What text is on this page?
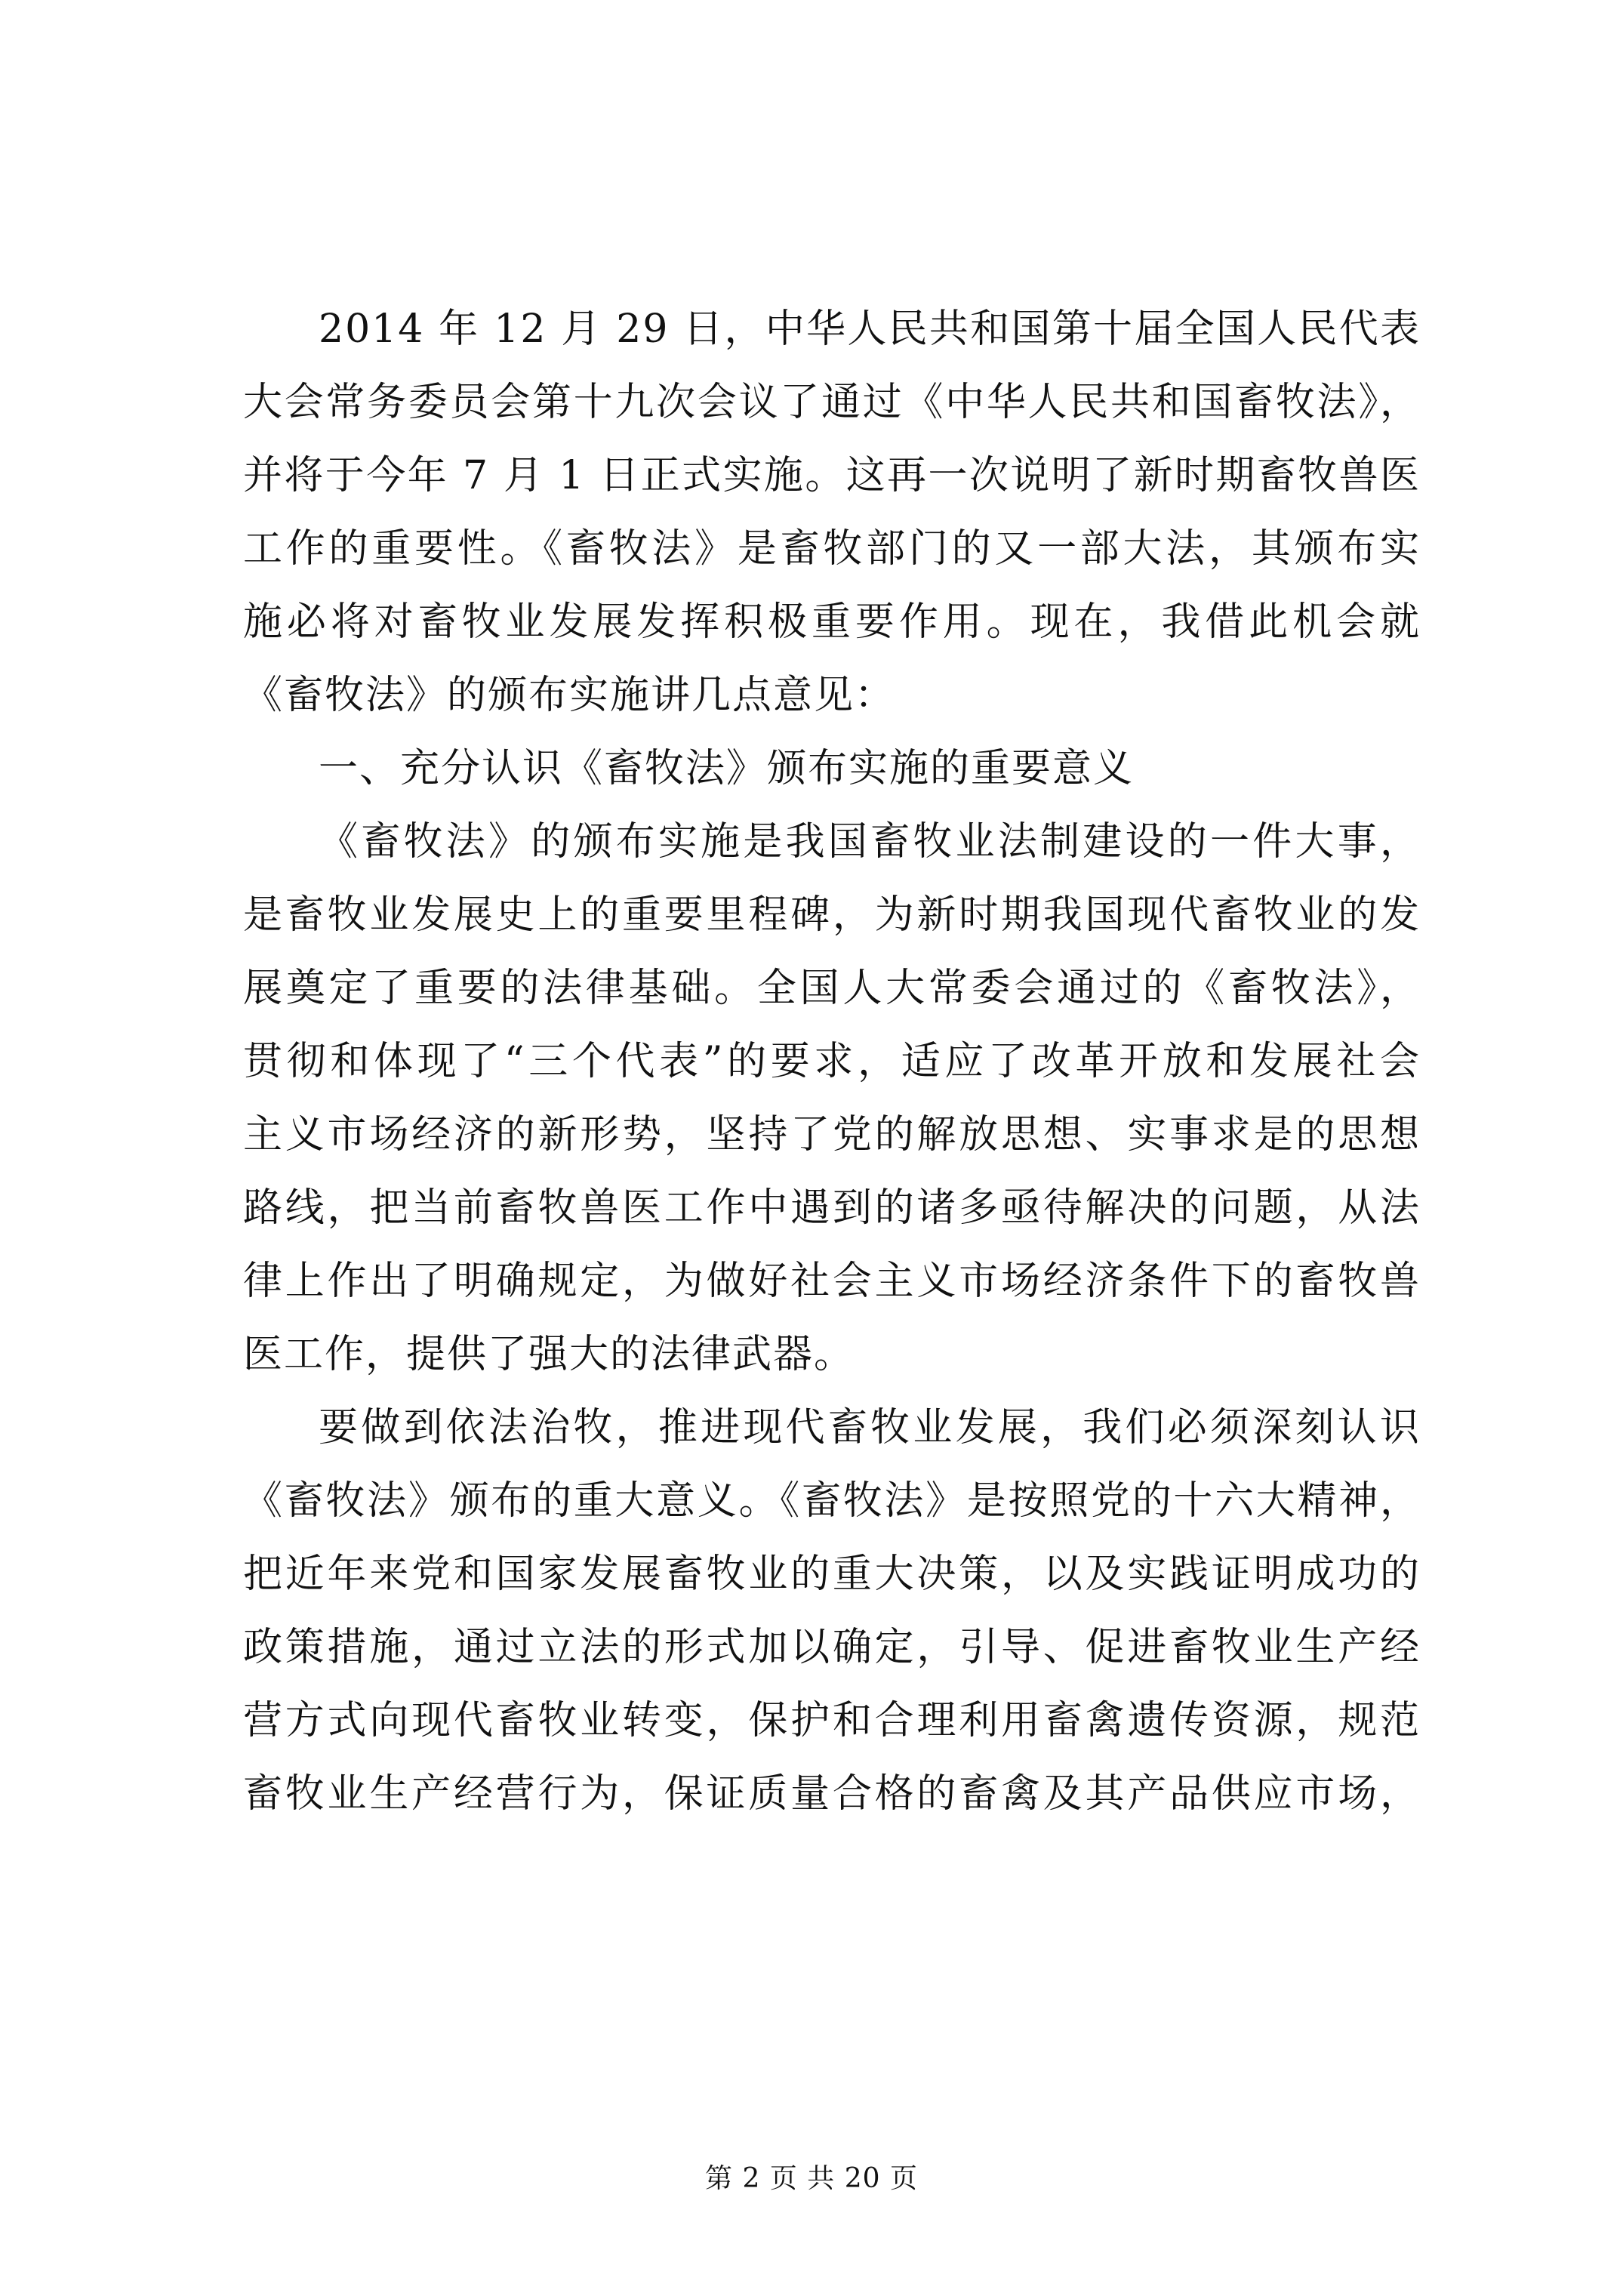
2014 年 12 月 29 日，中华人民共和国第十届全国人民代表
大会常务委员会第十九次会议了通过《中华人民共和国畜牧法》，
并将于今年 7 月 1 日正式实施。这再一次说明了新时期畜牧兽医
工作的重要性。《畜牧法》是畜牧部门的又一部大法，其颁布实
施必将对畜牧业发展发挥积极重要作用。现在，我借此机会就
《畜牧法》的颁布实施讲几点意见：
一、充分认识《畜牧法》颁布实施的重要意义
《畜牧法》的颁布实施是我国畜牧业法制建设的一件大事，
是畜牧业发展史上的重要里程碑，为新时期我国现代畜牧业的发
展奠定了重要的法律基础。全国人大常委会通过的《畜牧法》，
贯彻和体现了“三个代表”的要求，适应了改革开放和发展社会
主义市场经济的新形势，坚持了党的解放思想、实事求是的思想
路线，把当前畜牧兽医工作中遇到的诸多亟待解决的问题，从法
律上作出了明确规定，为做好社会主义市场经济条件下的畜牧兽
医工作，提供了强大的法律武器。
要做到依法治牧，推进现代畜牧业发展，我们必须深刻认识
《畜牧法》颁布的重大意义。《畜牧法》是按照党的十六大精神，
把近年来党和国家发展畜牧业的重大决策，以及实践证明成功的
政策措施，通过立法的形式加以确定，引导、促进畜牧业生产经
营方式向现代畜牧业转变，保护和合理利用畜禽遗传资源，规范
畜牧业生产经营行为，保证质量合格的畜禽及其产品供应市场，
第 2 页 共 20 页
